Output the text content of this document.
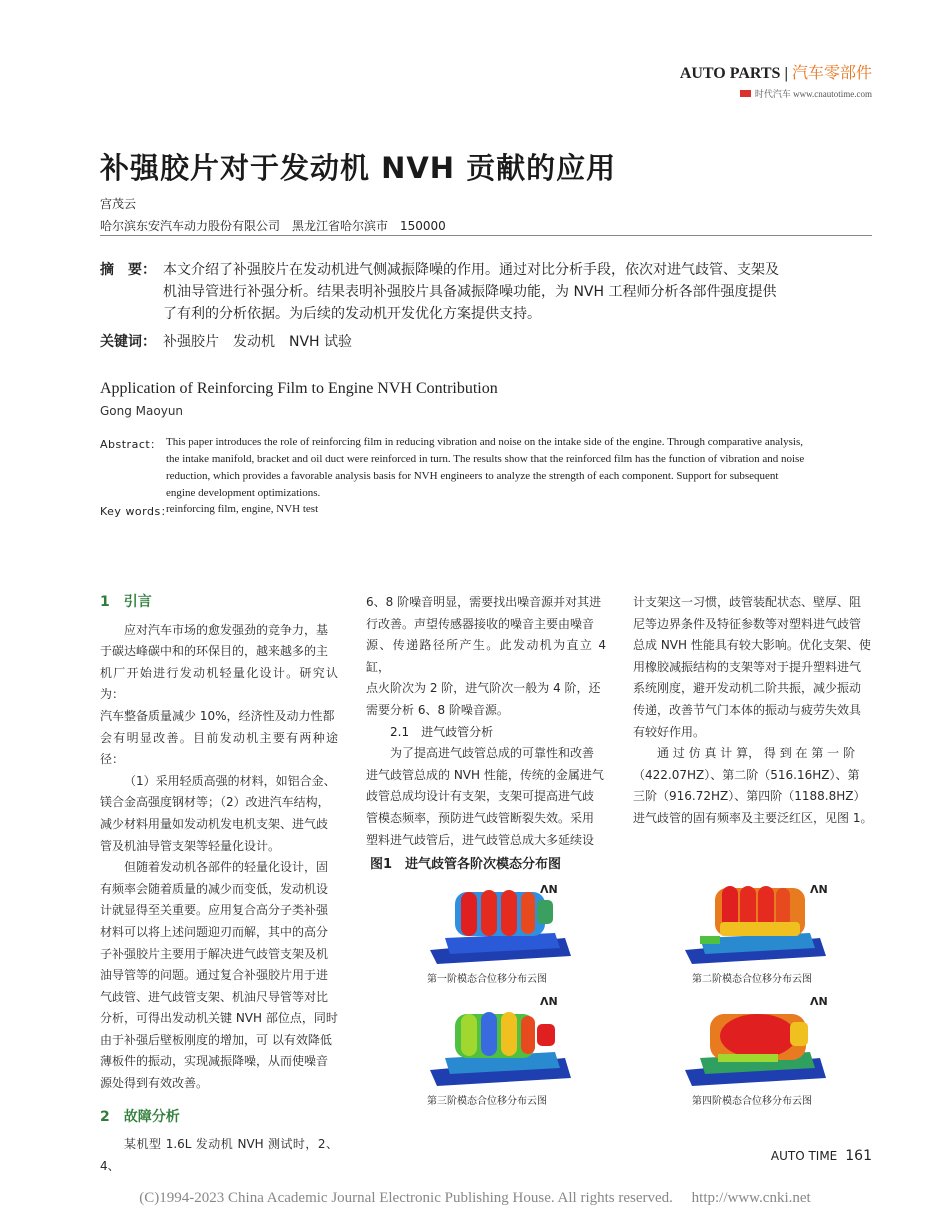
AUTO PARTS | 汽车零部件
时代汽车 www.cnautotime.com
补强胶片对于发动机 NVH 贡献的应用
宫茂云
哈尔滨东安汽车动力股份有限公司　黑龙江省哈尔滨市　150000
摘　要： 本文介绍了补强胶片在发动机进气侧减振降噪的作用。通过对比分析手段，依次对进气歧管、支架及
机油导管进行补强分析。结果表明补强胶片具备减振降噪功能，为 NVH 工程师分析各部件强度提供
了有利的分析依据。为后续的发动机开发优化方案提供支持。
关键词： 补强胶片　发动机　NVH 试验
Application of Reinforcing Film to Engine NVH Contribution
Gong Maoyun
Abstract： This paper introduces the role of reinforcing film in reducing vibration and noise on the intake side of the engine. Through comparative analysis,
the intake manifold, bracket and oil duct were reinforced in turn. The results show that the reinforced film has the function of vibration and noise
reduction, which provides a favorable analysis basis for NVH engineers to analyze the strength of each component. Support for subsequent
engine development optimizations.
Key words：
reinforcing film, engine, NVH test
1　引言

应对汽车市场的愈发强劲的竞争力，基
于碳达峰碳中和的环保目的，越来越多的主
机厂开始进行发动机轻量化设计。研究认为：
汽车整备质量减少 10%，经济性及动力性都
会有明显改善。目前发动机主要有两种途径：

（1）采用轻质高强的材料，如铝合金、
镁合金高强度钢材等；（2）改进汽车结构，
减少材料用量如发动机发电机支架、进气歧
管及机油导管支架等轻量化设计。

但随着发动机各部件的轻量化设计，固
有频率会随着质量的减少而变低，发动机设
计就显得至关重要。应用复合高分子类补强
材料可以将上述问题迎刃而解，其中的高分
子补强胶片主要用于解决进气歧管支架及机
油导管等的问题。通过复合补强胶片用于进
气歧管、进气歧管支架、机油尺导管等对比
分析，可得出发动机关键 NVH 部位点，同时
由于补强后壁板刚度的增加，可 以有效降低
薄板件的振动，实现减振降噪，从而使噪音
源处得到有效改善。

2　故障分析

某机型 1.6L 发动机 NVH 测试时，2、4、

6、8 阶噪音明显，需要找出噪音源并对其进
行改善。声望传感器接收的噪音主要由噪音
源、传递路径所产生。此发动机为直立 4 缸，
点火阶次为 2 阶，进气阶次一般为 4 阶，还
需要分析 6、8 阶噪音源。

2.1　进气歧管分析

为了提高进气歧管总成的可靠性和改善
进气歧管总成的 NVH 性能，传统的金属进气
歧管总成均设计有支架，支架可提高进气歧
管模态频率，预防进气歧管断裂失效。采用
塑料进气歧管后，进气歧管总成大多延续设

计支架这一习惯，歧管装配状态、壁厚、阻
尼等边界条件及特征参数等对塑料进气歧管
总成 NVH 性能具有较大影响。优化支架、使
用橡胶减振结构的支架等对于提升塑料进气
系统刚度，避开发动机二阶共振，减少振动
传递，改善节气门本体的振动与疲劳失效具
有较好作用。

通 过 仿 真 计 算， 得 到 在 第 一 阶
（422.07HZ）、第二阶（516.16HZ）、第
三阶（916.72HZ）、第四阶（1188.8HZ）
进气歧管的固有频率及主要泛红区，见图 1。

图1　进气歧管各阶次模态分布图
ΛN
第一阶模态合位移分布云图
ΛN
第二阶模态合位移分布云图
ΛN
第三阶模态合位移分布云图
ΛN
第四阶模态合位移分布云图
AUTO TIME 161
(C)1994-2023 China Academic Journal Electronic Publishing House. All rights reserved.　 http://www.cnki.net
